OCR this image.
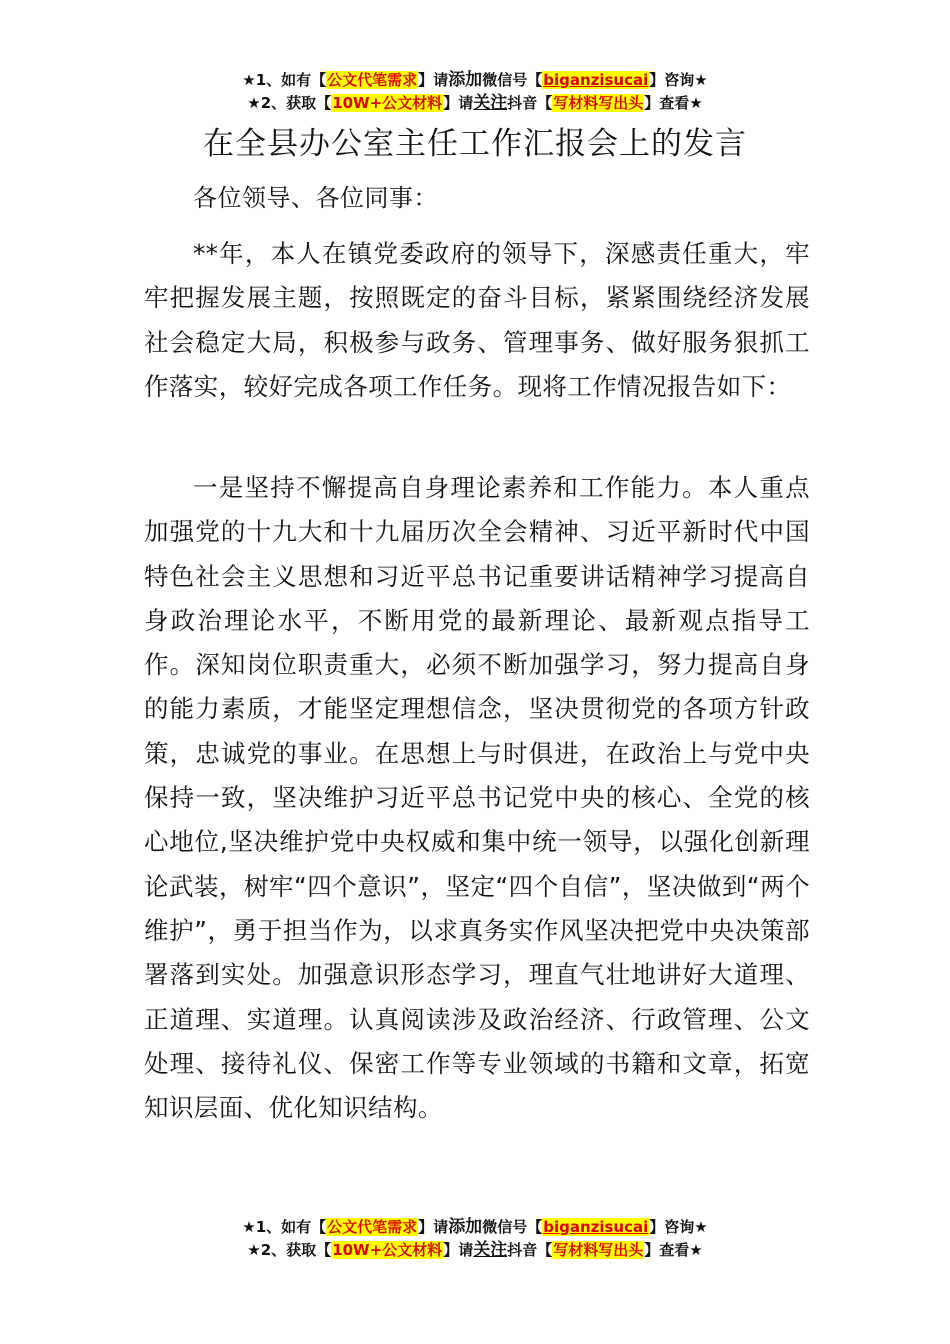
★1、如有【公文代笔需求】请添加微信号【biganzisucai】咨询★
★2、获取【10W+公文材料】请关注抖音【写材料写出头】查看★
在全县办公室主任工作汇报会上的发言
各位领导、各位同事：

**年，本人在镇党委政府的领导下，深感责任重大，牢牢把握发展主题，按照既定的奋斗目标，紧紧围绕经济发展社会稳定大局，积极参与政务、管理事务、做好服务狠抓工作落实，较好完成各项工作任务。现将工作情况报告如下：

一是坚持不懈提高自身理论素养和工作能力。本人重点加强党的十九大和十九届历次全会精神、习近平新时代中国特色社会主义思想和习近平总书记重要讲话精神学习提高自身政治理论水平，不断用党的最新理论、最新观点指导工作。深知岗位职责重大，必须不断加强学习，努力提高自身的能力素质，才能坚定理想信念，坚决贯彻党的各项方针政策，忠诚党的事业。在思想上与时俱进，在政治上与党中央保持一致，坚决维护习近平总书记党中央的核心、全党的核心地位,坚决维护党中央权威和集中统一领导，以强化创新理论武装，树牢“四个意识”，坚定“四个自信”，坚决做到“两个维护”，勇于担当作为，以求真务实作风坚决把党中央决策部署落到实处。加强意识形态学习，理直气壮地讲好大道理、正道理、实道理。认真阅读涉及政治经济、行政管理、公文处理、接待礼仪、保密工作等专业领域的书籍和文章，拓宽知识层面、优化知识结构。

★1、如有【公文代笔需求】请添加微信号【biganzisucai】咨询★
★2、获取【10W+公文材料】请关注抖音【写材料写出头】查看★
